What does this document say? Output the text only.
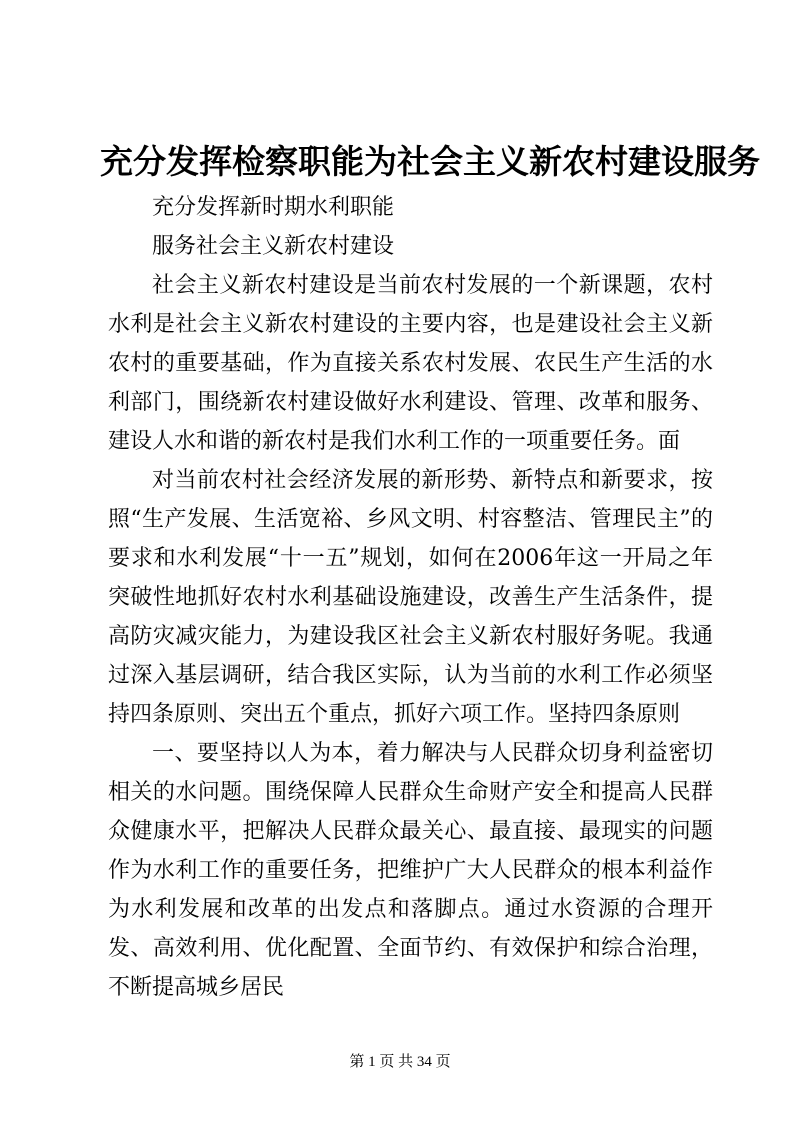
充分发挥检察职能为社会主义新农村建设服务

充分发挥新时期水利职能

服务社会主义新农村建设

社会主义新农村建设是当前农村发展的一个新课题，农村水利是社会主义新农村建设的主要内容，也是建设社会主义新农村的重要基础，作为直接关系农村发展、农民生产生活的水利部门，围绕新农村建设做好水利建设、管理、改革和服务、建设人水和谐的新农村是我们水利工作的一项重要任务。面

对当前农村社会经济发展的新形势、新特点和新要求，按照“生产发展、生活宽裕、乡风文明、村容整洁、管理民主”的要求和水利发展“十一五”规划，如何在2006年这一开局之年突破性地抓好农村水利基础设施建设，改善生产生活条件，提高防灾减灾能力，为建设我区社会主义新农村服好务呢。我通过深入基层调研，结合我区实际，认为当前的水利工作必须坚持四条原则、突出五个重点，抓好六项工作。坚持四条原则

一、要坚持以人为本，着力解决与人民群众切身利益密切相关的水问题。围绕保障人民群众生命财产安全和提高人民群众健康水平，把解决人民群众最关心、最直接、最现实的问题作为水利工作的重要任务，把维护广大人民群众的根本利益作为水利发展和改革的出发点和落脚点。通过水资源的合理开发、高效利用、优化配置、全面节约、有效保护和综合治理，不断提高城乡居民

第 1 页 共 34 页
